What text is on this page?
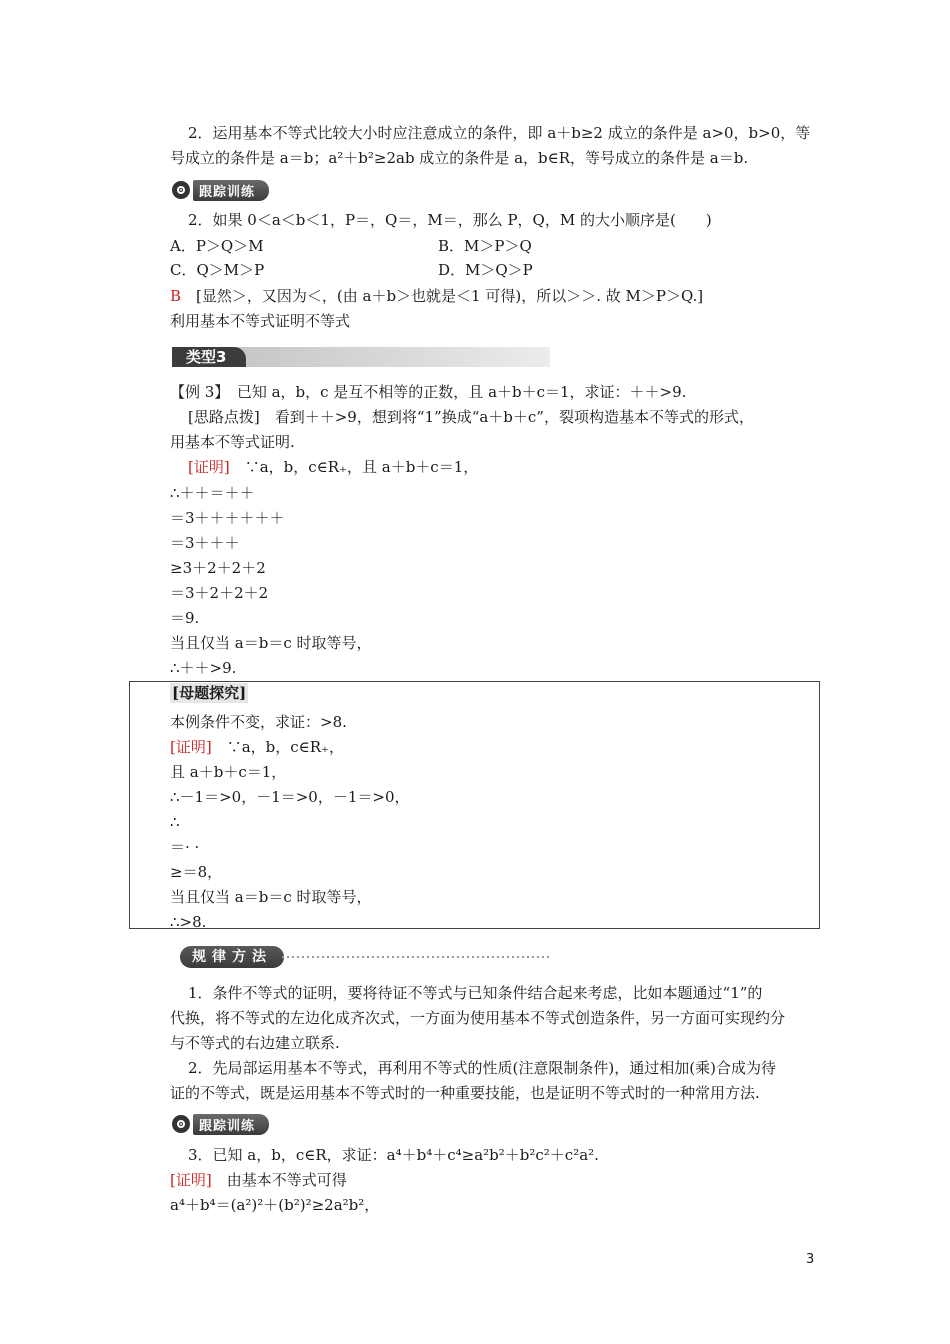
2．运用基本不等式比较大小时应注意成立的条件，即 a＋b≥2 成立的条件是 a>0，b>0，等
号成立的条件是 a＝b；a²＋b²≥2ab 成立的条件是 a，b∈R，等号成立的条件是 a＝b.
跟踪训练
2．如果 0＜a＜b＜1，P＝，Q＝，M＝，那么 P，Q，M 的大小顺序是(　　)
A．P＞Q＞M	B．M＞P＞Q
C．Q＞M＞P	D．M＞Q＞P
B　[显然＞，又因为＜，(由 a＋b＞也就是＜1 可得)，所以＞＞. 故 M＞P＞Q.]
利用基本不等式证明不等式
类型3
【例 3】　已知 a，b，c 是互不相等的正数，且 a＋b＋c＝1，求证：＋＋>9.
[思路点拨]　看到＋＋>9，想到将“1”换成“a＋b＋c”，裂项构造基本不等式的形式，
用基本不等式证明.
[证明]　∵a，b，c∈R₊，且 a＋b＋c＝1，
∴＋＋＝＋＋
＝3＋＋＋＋＋＋
＝3＋＋＋
≥3＋2＋2＋2
＝3＋2＋2＋2
＝9.
当且仅当 a＝b＝c 时取等号，
∴＋＋>9.
[母题探究]
本例条件不变，求证：>8.
[证明]　∵a，b，c∈R₊，
且 a＋b＋c＝1，
∴－1＝>0，－1＝>0，－1＝>0，
∴
＝· ·
≥＝8，
当且仅当 a＝b＝c 时取等号，
∴>8.
规律方法
1．条件不等式的证明，要将待证不等式与已知条件结合起来考虑，比如本题通过“1”的
代换，将不等式的左边化成齐次式，一方面为使用基本不等式创造条件，另一方面可实现约分
与不等式的右边建立联系.
2．先局部运用基本不等式，再利用不等式的性质(注意限制条件)，通过相加(乘)合成为待
证的不等式，既是运用基本不等式时的一种重要技能，也是证明不等式时的一种常用方法.
跟踪训练
3．已知 a，b，c∈R，求证：a⁴＋b⁴＋c⁴≥a²b²＋b²c²＋c²a².
[证明]　由基本不等式可得
a⁴＋b⁴＝(a²)²＋(b²)²≥2a²b²，
3
